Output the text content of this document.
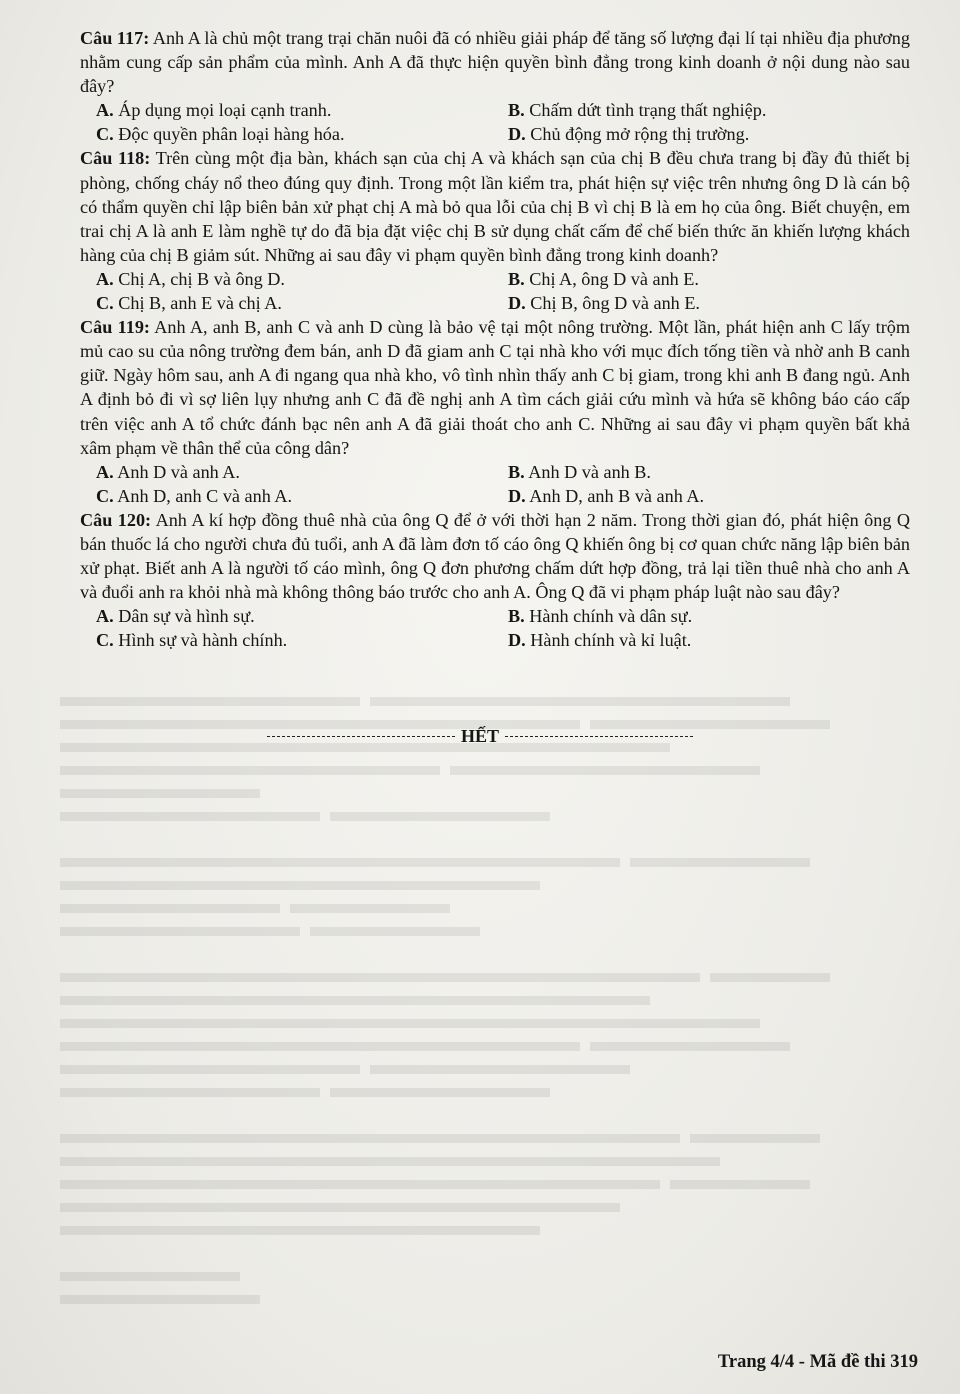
Câu 117: Anh A là chủ một trang trại chăn nuôi đã có nhiều giải pháp để tăng số lượng đại lí tại nhiều địa phương nhằm cung cấp sản phẩm của mình. Anh A đã thực hiện quyền bình đẳng trong kinh doanh ở nội dung nào sau đây?

A. Áp dụng mọi loại cạnh tranh.	B. Chấm dứt tình trạng thất nghiệp.
C. Độc quyền phân loại hàng hóa.	D. Chủ động mở rộng thị trường.

Câu 118: Trên cùng một địa bàn, khách sạn của chị A và khách sạn của chị B đều chưa trang bị đầy đủ thiết bị phòng, chống cháy nổ theo đúng quy định. Trong một lần kiểm tra, phát hiện sự việc trên nhưng ông D là cán bộ có thẩm quyền chỉ lập biên bản xử phạt chị A mà bỏ qua lỗi của chị B vì chị B là em họ của ông. Biết chuyện, em trai chị A là anh E làm nghề tự do đã bịa đặt việc chị B sử dụng chất cấm để chế biến thức ăn khiến lượng khách hàng của chị B giảm sút. Những ai sau đây vi phạm quyền bình đẳng trong kinh doanh?

A. Chị A, chị B và ông D.	B. Chị A, ông D và anh E.
C. Chị B, anh E và chị A.	D. Chị B, ông D và anh E.

Câu 119: Anh A, anh B, anh C và anh D cùng là bảo vệ tại một nông trường. Một lần, phát hiện anh C lấy trộm mủ cao su của nông trường đem bán, anh D đã giam anh C tại nhà kho với mục đích tống tiền và nhờ anh B canh giữ. Ngày hôm sau, anh A đi ngang qua nhà kho, vô tình nhìn thấy anh C bị giam, trong khi anh B đang ngủ. Anh A định bỏ đi vì sợ liên lụy nhưng anh C đã đề nghị anh A tìm cách giải cứu mình và hứa sẽ không báo cáo cấp trên việc anh A tổ chức đánh bạc nên anh A đã giải thoát cho anh C. Những ai sau đây vi phạm quyền bất khả xâm phạm về thân thể của công dân?

A. Anh D và anh A.	B. Anh D và anh B.
C. Anh D, anh C và anh A.	D. Anh D, anh B và anh A.

Câu 120: Anh A kí hợp đồng thuê nhà của ông Q để ở với thời hạn 2 năm. Trong thời gian đó, phát hiện ông Q bán thuốc lá cho người chưa đủ tuổi, anh A đã làm đơn tố cáo ông Q khiến ông bị cơ quan chức năng lập biên bản xử phạt. Biết anh A là người tố cáo mình, ông Q đơn phương chấm dứt hợp đồng, trả lại tiền thuê nhà cho anh A và đuổi anh ra khỏi nhà mà không thông báo trước cho anh A. Ông Q đã vi phạm pháp luật nào sau đây?

A. Dân sự và hình sự.	B. Hành chính và dân sự.
C. Hình sự và hành chính.	D. Hành chính và kỉ luật.
HẾT
Trang 4/4 - Mã đề thi 319
